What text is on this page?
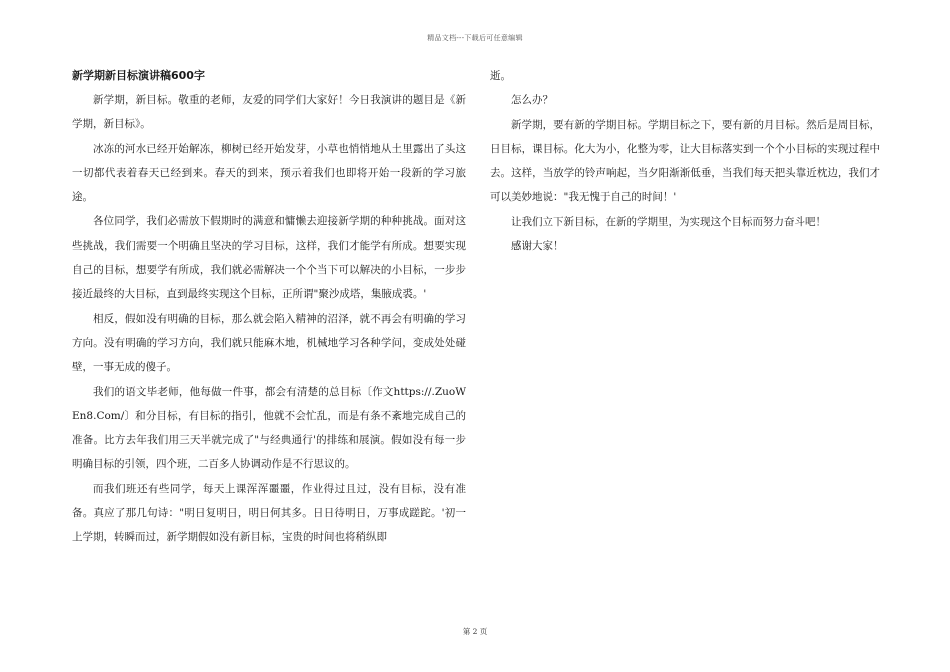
精品文档---下载后可任意编辑
新学期新目标演讲稿600字

新学期，新目标。敬重的老师，友爱的同学们大家好！今日我演讲的题目是《新学期，新目标》。

冰冻的河水已经开始解冻，柳树已经开始发芽，小草也悄悄地从土里露出了头这一切都代表着春天已经到来。春天的到来，预示着我们也即将开始一段新的学习旅途。

各位同学，我们必需放下假期时的满意和慵懒去迎接新学期的种种挑战。面对这些挑战，我们需要一个明确且坚决的学习目标，这样，我们才能学有所成。想要实现自己的目标，想要学有所成，我们就必需解决一个个当下可以解决的小目标，一步步接近最终的大目标，直到最终实现这个目标，正所谓"聚沙成塔，集腋成裘。'

相反，假如没有明确的目标，那么就会陷入精神的沼泽，就不再会有明确的学习方向。没有明确的学习方向，我们就只能麻木地，机械地学习各种学问，变成处处碰壁，一事无成的傻子。

我们的语文毕老师，他每做一件事，都会有清楚的总目标〔作文https://.ZuoWEn8.Com/〕和分目标，有目标的指引，他就不会忙乱，而是有条不紊地完成自己的准备。比方去年我们用三天半就完成了"与经典通行'的排练和展演。假如没有每一步明确目标的引领，四个班，二百多人协调动作是不行思议的。

而我们班还有些同学，每天上课浑浑噩噩，作业得过且过，没有目标，没有准备。真应了那几句诗："明日复明日，明日何其多。日日待明日，万事成蹉跎。'初一上学期，转瞬而过，新学期假如没有新目标，宝贵的时间也将稍纵即

逝。

怎么办？

新学期，要有新的学期目标。学期目标之下，要有新的月目标。然后是周目标，日目标，课目标。化大为小，化整为零，让大目标落实到一个个小目标的实现过程中去。这样，当放学的铃声响起，当夕阳渐渐低垂，当我们每天把头靠近枕边，我们才可以美妙地说："我无愧于自己的时间！'

让我们立下新目标，在新的学期里，为实现这个目标而努力奋斗吧！

感谢大家！

第 2 页
